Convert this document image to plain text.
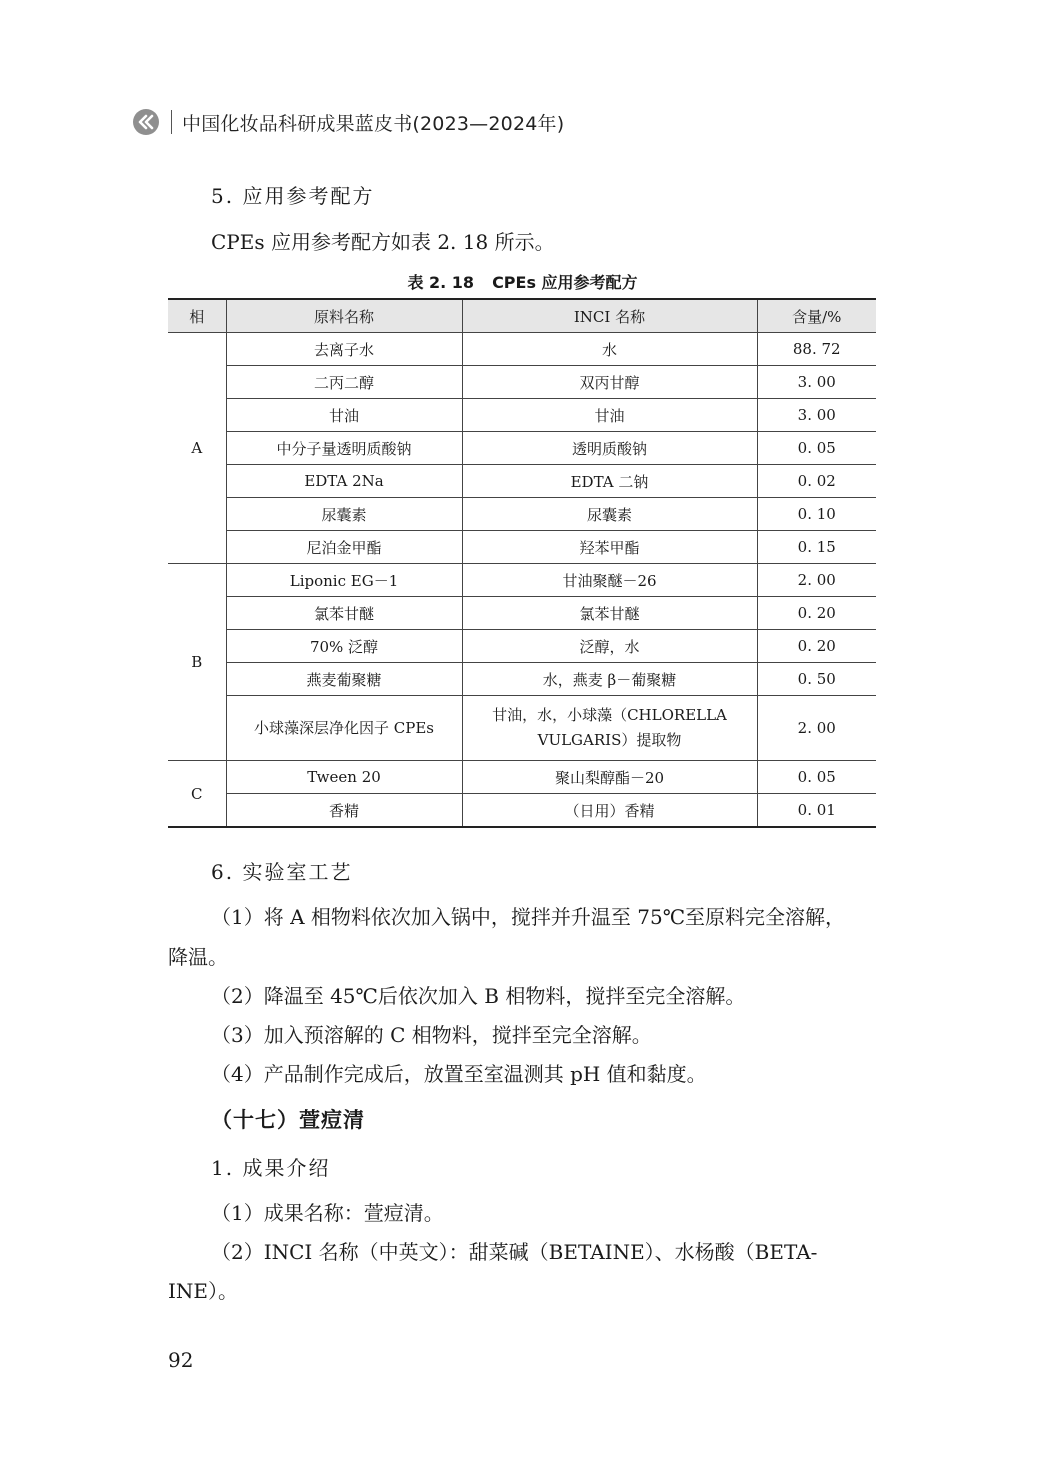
中国化妆品科研成果蓝皮书(2023—2024年)
5. 应用参考配方
CPEs 应用参考配方如表 2. 18 所示。
表 2. 18 CPEs 应用参考配方
相	原料名称	INCI 名称	含量/%
A	去离子水	水	88. 72
	二丙二醇	双丙甘醇	3. 00
	甘油	甘油	3. 00
	中分子量透明质酸钠	透明质酸钠	0. 05
	EDTA 2Na	EDTA 二钠	0. 02
	尿囊素	尿囊素	0. 10
	尼泊金甲酯	羟苯甲酯	0. 15
B	Liponic EG－1	甘油聚醚－26	2. 00
	氯苯甘醚	氯苯甘醚	0. 20
	70% 泛醇	泛醇，水	0. 20
	燕麦葡聚糖	水，燕麦 β－葡聚糖	0. 50
	小球藻深层净化因子 CPEs	甘油，水，小球藻（CHLORELLA
VULGARIS）提取物	2. 00
C	Tween 20	聚山梨醇酯－20	0. 05
	香精	（日用）香精	0. 01
6. 实验室工艺
（1）将 A 相物料依次加入锅中，搅拌并升温至 75℃至原料完全溶解，
降温。
（2）降温至 45℃后依次加入 B 相物料，搅拌至完全溶解。
（3）加入预溶解的 C 相物料，搅拌至完全溶解。
（4）产品制作完成后，放置至室温测其 pH 值和黏度。
（十七）萱痘清
1. 成果介绍
（1）成果名称：萱痘清。
（2）INCI 名称（中英文）：甜菜碱（BETAINE）、水杨酸（BETA-
INE）。
92
